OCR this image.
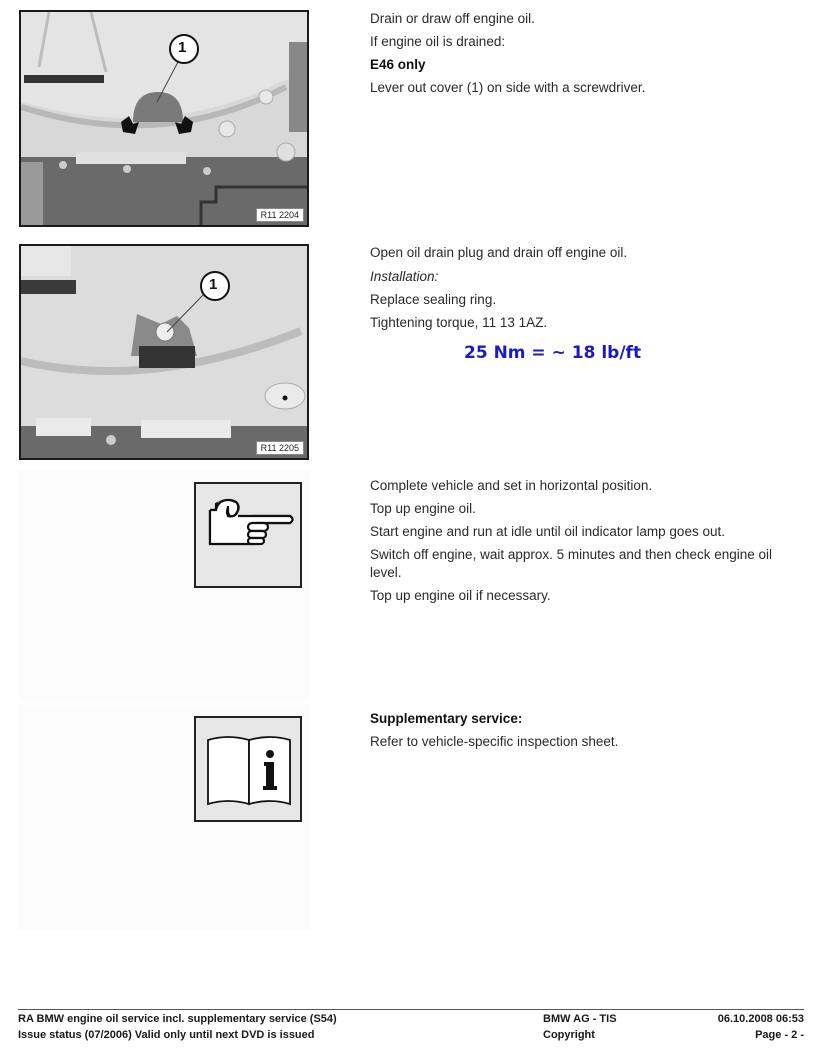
1
R11 2204

Drain or draw off engine oil.

If engine oil is drained:

E46 only

Lever out cover (1) on side with a screwdriver.

1
R11 2205

Open oil drain plug and drain off engine oil.

Installation:

Replace sealing ring.

Tightening torque, 11 13 1AZ.

25 Nm = ~ 18 lb/ft

Complete vehicle and set in horizontal position.

Top up engine oil.

Start engine and run at idle until oil indicator lamp goes out.

Switch off engine, wait approx. 5 minutes and then check engine oil level.

Top up engine oil if necessary.

Supplementary service:

Refer to vehicle-specific inspection sheet.

RA BMW engine oil service incl. supplementary service (S54)
Issue status (07/2006) Valid only until next DVD is issued
BMW AG - TIS
Copyright
06.10.2008 06:53
Page - 2 -
